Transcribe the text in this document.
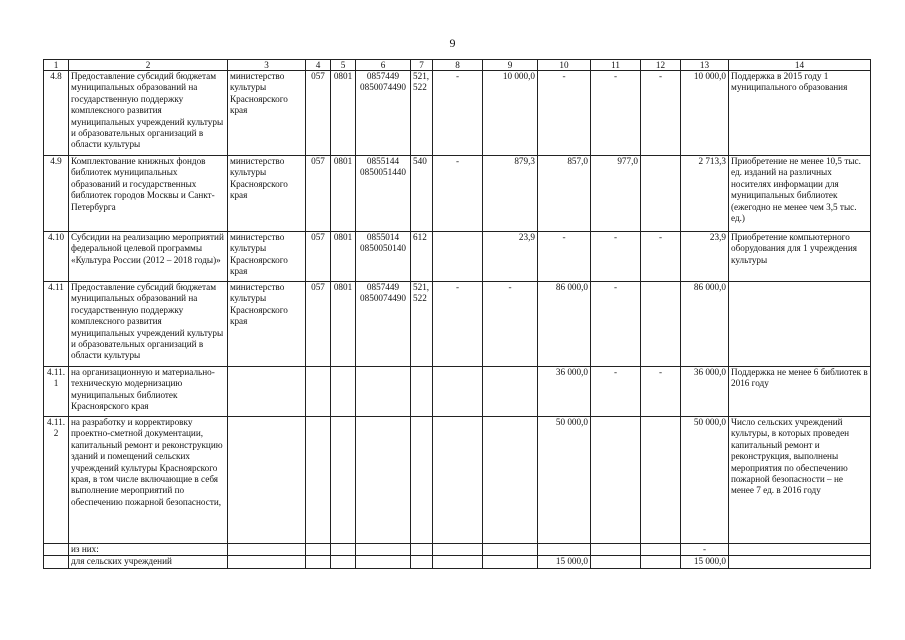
9
1	2	3	4	5	6	7	8	9	10	11	12	13	14
4.8	Предоставление субсидий бюджетам муниципальных образований на государственную поддержку комплексного развития муниципальных учреждений культуры и образовательных организаций в области культуры	министерство культуры Красноярского края	057	0801	0857449 0850074490	521, 522	-	10 000,0	-	-	-	10 000,0	Поддержка в 2015 году 1 муниципального образования
4.9	Комплектование книжных фондов библиотек муниципальных образований и государственных библиотек городов Москвы и Санкт-Петербурга	министерство культуры Красноярского края	057	0801	0855144 0850051440	540	-	879,3	857,0	977,0		2 713,3	Приобретение не менее 10,5 тыс. ед. изданий на различных носителях информации для муниципальных библиотек (ежегодно не менее чем 3,5 тыс. ед.)
4.10	Субсидии на реализацию мероприятий федеральной целевой программы «Культура России (2012 – 2018 годы)»	министерство культуры Красноярского края	057	0801	0855014 0850050140	612		23,9	-	-	-	23,9	Приобретение компьютерного оборудования для 1 учреждения культуры
4.11	Предоставление субсидий бюджетам муниципальных образований на государственную поддержку комплексного развития муниципальных учреждений культуры и образовательных организаций в области культуры	министерство культуры Красноярского края	057	0801	0857449 0850074490	521, 522	-	-	86 000,0	-		86 000,0	
4.11.1	на организационную и материально-техническую модернизацию муниципальных библиотек Красноярского края								36 000,0	-	-	36 000,0	Поддержка не менее 6 библиотек в 2016 году
4.11.2	на разработку и корректировку проектно-сметной документации, капитальный ремонт и реконструкцию зданий и помещений сельских учреждений культуры Красноярского края, в том числе включающие в себя выполнение мероприятий по обеспечению пожарной безопасности,								50 000,0			50 000,0	Число сельских учреждений культуры, в которых проведен капитальный ремонт и реконструкция, выполнены мероприятия по обеспечению пожарной безопасности – не менее 7 ед. в 2016 году
	из них:											-	
	для сельских учреждений								15 000,0			15 000,0	
